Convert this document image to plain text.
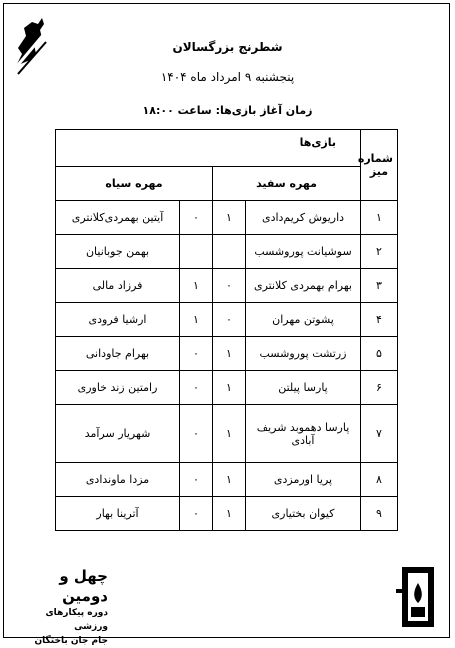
شطرنج بزرگسالان
پنجشنبه ۹ امرداد ماه ۱۴۰۴
زمان آغاز بازی‌ها: ساعت ۱۸:۰۰
شماره میز	بازی‌ها			
	مهره سفید		مهره سیاه	
۱	داریوش کریم‌دادی	۱	۰	آیتین بهمردی‌کلانتری
۲	سوشیانت پوروشسب			بهمن جوبانیان
۳	بهرام بهمردی کلانتری	۰	۱	فرزاد مالی
۴	پشوتن مهران	۰	۱	ارشیا فرودی
۵	زرتشت پوروشسب	۱	۰	بهرام جاودانی
۶	پارسا پیلتن	۱	۰	رامتین زند خاوری
۷	پارسا دهموبد شریف آبادی	۱	۰	شهریار سرآمد
۸	پریا اورمزدی	۱	۰	مزدا ماوندادی
۹	کیوان بختیاری	۱	۰	آترینا بهار
چهل و دومین
دوره پیکارهای ورزشی
جام جان باختگان
